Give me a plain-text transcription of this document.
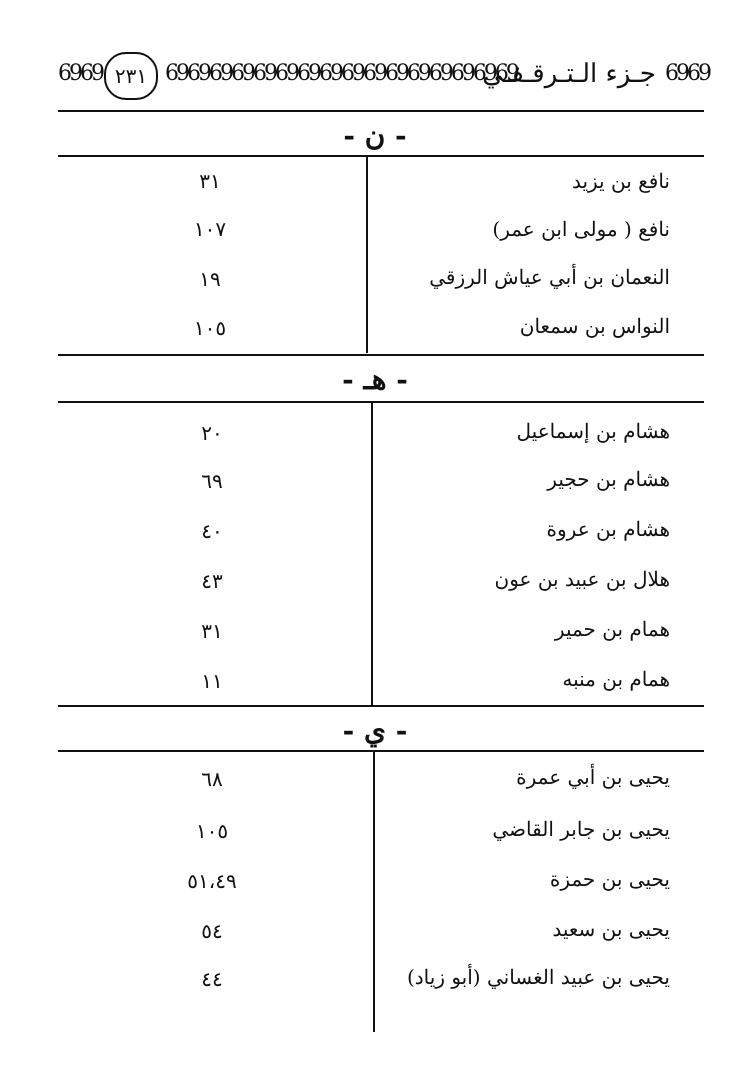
6969 ٢٣١ 69696969696969696969696969696969
جـزء الـتـرقـفـي 6969
- ن -
نافع بن يزيد
٣١
نافع ( مولى ابن عمر)
١٠٧
النعمان بن أبي عياش الرزقي
١٩
النواس بن سمعان
١٠٥
- هـ -
هشام بن إسماعيل
٢٠
هشام بن حجير
٦٩
هشام بن عروة
٤٠
هلال بن عبيد بن عون
٤٣
همام بن حمير
٣١
همام بن منبه
١١
- ي -
يحيى بن أبي عمرة
٦٨
يحيى بن جابر القاضي
١٠٥
يحيى بن حمزة
٥١،٤٩
يحيى بن سعيد
٥٤
يحيى بن عبيد الغساني (أبو زياد)
٤٤
